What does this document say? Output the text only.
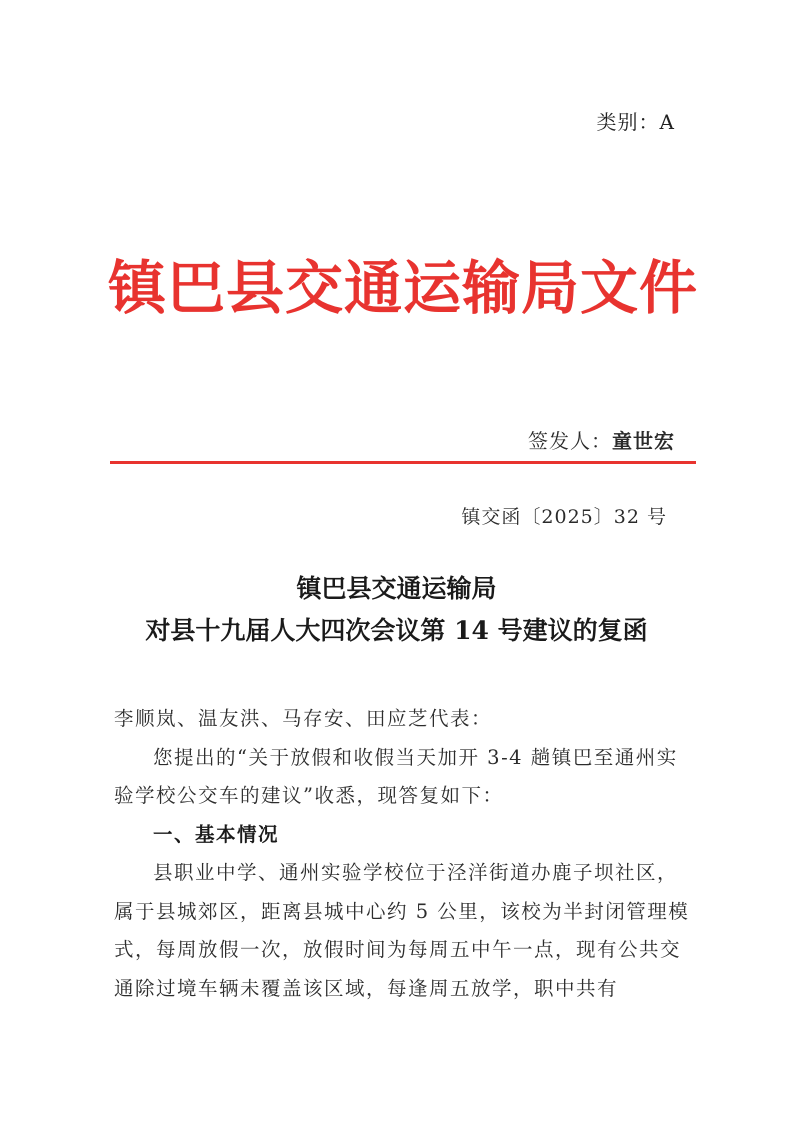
类别：A
镇巴县交通运输局文件
签发人：童世宏
镇交函〔2025〕32 号
镇巴县交通运输局
对县十九届人大四次会议第 14 号建议的复函

李顺岚、温友洪、马存安、田应芝代表：

您提出的“关于放假和收假当天加开 3-4 趟镇巴至通州实验学校公交车的建议”收悉，现答复如下：

一、基本情况

县职业中学、通州实验学校位于泾洋街道办鹿子坝社区，属于县城郊区，距离县城中心约 5 公里，该校为半封闭管理模式，每周放假一次，放假时间为每周五中午一点，现有公共交通除过境车辆未覆盖该区域，每逢周五放学，职中共有
